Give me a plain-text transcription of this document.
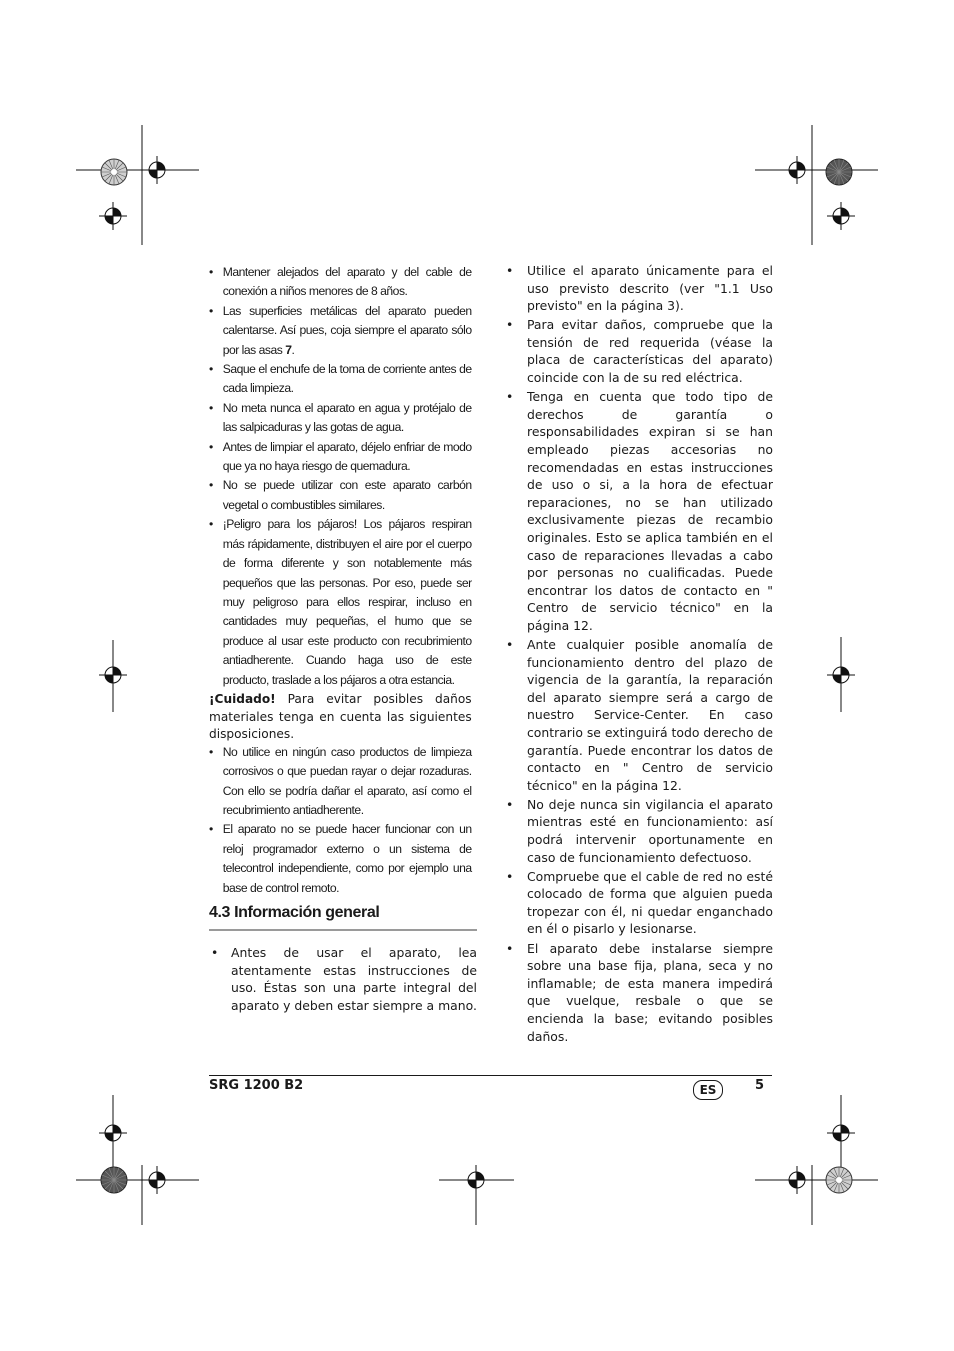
• Mantener alejados del aparato y del cable de conexión a niños menores de 8 años.
• Las superficies metálicas del aparato pueden calentarse. Así pues, coja siempre el aparato sólo por las asas 7.
• Saque el enchufe de la toma de corriente antes de cada limpieza.
• No meta nunca el aparato en agua y protéjalo de las salpicaduras y las gotas de agua.
• Antes de limpiar el aparato, déjelo enfriar de modo que ya no haya riesgo de quemadura.
• No se puede utilizar con este aparato carbón vegetal o combustibles similares.
• ¡Peligro para los pájaros! Los pájaros respiran más rápidamente, distribuyen el aire por el cuerpo de forma diferente y son notablemente más pequeños que las personas. Por eso, puede ser muy peligroso para ellos respirar, incluso en cantidades muy pequeñas, el humo que se produce al usar este producto con recubrimiento antiadherente. Cuando haga uso de este producto, traslade a los pájaros a otra estancia.

¡Cuidado! Para evitar posibles daños materiales tenga en cuenta las siguientes disposiciones.

• No utilice en ningún caso productos de limpieza corrosivos o que puedan rayar o dejar rozaduras. Con ello se podría dañar el aparato, así como el recubrimiento antiadherente.
• El aparato no se puede hacer funcionar con un reloj programador externo o un sistema de telecontrol independiente, como por ejemplo una base de control remoto.
4.3 Información general
• Antes de usar el aparato, lea atentamente estas instrucciones de uso. Éstas son una parte integral del aparato y deben estar siempre a mano.
• Utilice el aparato únicamente para el uso previsto descrito (ver "1.1 Uso previsto" en la página 3).
• Para evitar daños, compruebe que la tensión de red requerida (véase la placa de características del aparato) coincide con la de su red eléctrica.
• Tenga en cuenta que todo tipo de derechos de garantía o responsabilidades expiran si se han empleado piezas accesorias no recomendadas en estas instrucciones de uso o si, a la hora de efectuar reparaciones, no se han utilizado exclusivamente piezas de recambio originales. Esto se aplica también en el caso de reparaciones llevadas a cabo por personas no cualificadas. Puede encontrar los datos de contacto en " Centro de servicio técnico" en la página 12.
• Ante cualquier posible anomalía de funcionamiento dentro del plazo de vigencia de la garantía, la reparación del aparato siempre será a cargo de nuestro Service-Center. En caso contrario se extinguirá todo derecho de garantía. Puede encontrar los datos de contacto en " Centro de servicio técnico" en la página 12.
• No deje nunca sin vigilancia el aparato mientras esté en funcionamiento: así podrá intervenir oportunamente en caso de funcionamiento defectuoso.
• Compruebe que el cable de red no esté colocado de forma que alguien pueda tropezar con él, ni quedar enganchado en él o pisarlo y lesionarse.
• El aparato debe instalarse siempre sobre una base fija, plana, seca y no inflamable; de esta manera impedirá que vuelque, resbale o que se encienda la base; evitando posibles daños.
SRG 1200 B2	ES	5
